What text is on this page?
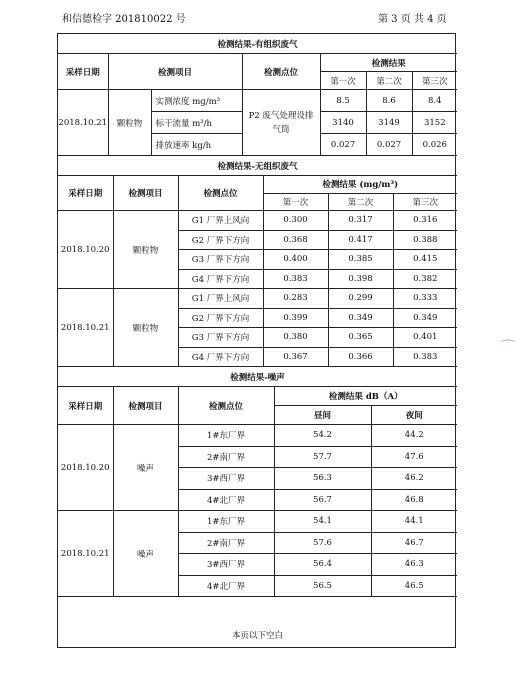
和信德检字 201810022 号	第 3 页 共 4 页
检测结果-有组织废气						
采样日期	检测项目		检测点位	检测结果		
				第一次	第二次	第三次
2018.10.21	颗粒物	实测浓度 mg/m³	P2 废气处理设排气筒	8.5	8.6	8.4
		标干流量 m³/h		3140	3149	3152
		排放速率 kg/h		0.027	0.027	0.026
检测结果-无组织废气					
采样日期	检测项目	检测点位	检测结果 (mg/m³)		
			第一次	第二次	第三次
2018.10.20	颗粒物	G1 厂界上风向	0.300	0.317	0.316
		G2 厂界下方向	0.368	0.417	0.388
		G3 厂界下方向	0.400	0.385	0.415
		G4 厂界下方向	0.383	0.398	0.382
2018.10.21	颗粒物	G1 厂界上风向	0.283	0.299	0.333
		G2 厂界下方向	0.399	0.349	0.349
		G3 厂界下方向	0.380	0.365	0.401
		G4 厂界下方向	0.367	0.366	0.383
检测结果-噪声				
采样日期	检测项目	检测点位	检测结果 dB（A）	
			昼间	夜间
2018.10.20	噪声	1#东厂界	54.2	44.2
		2#南厂界	57.7	47.6
		3#西厂界	56.3	46.2
		4#北厂界	56.7	46.8
2018.10.21	噪声	1#东厂界	54.1	44.1
		2#南厂界	57.6	46.7
		3#西厂界	56.4	46.3
		4#北厂界	56.5	46.5
本页以下空白				
⌒
